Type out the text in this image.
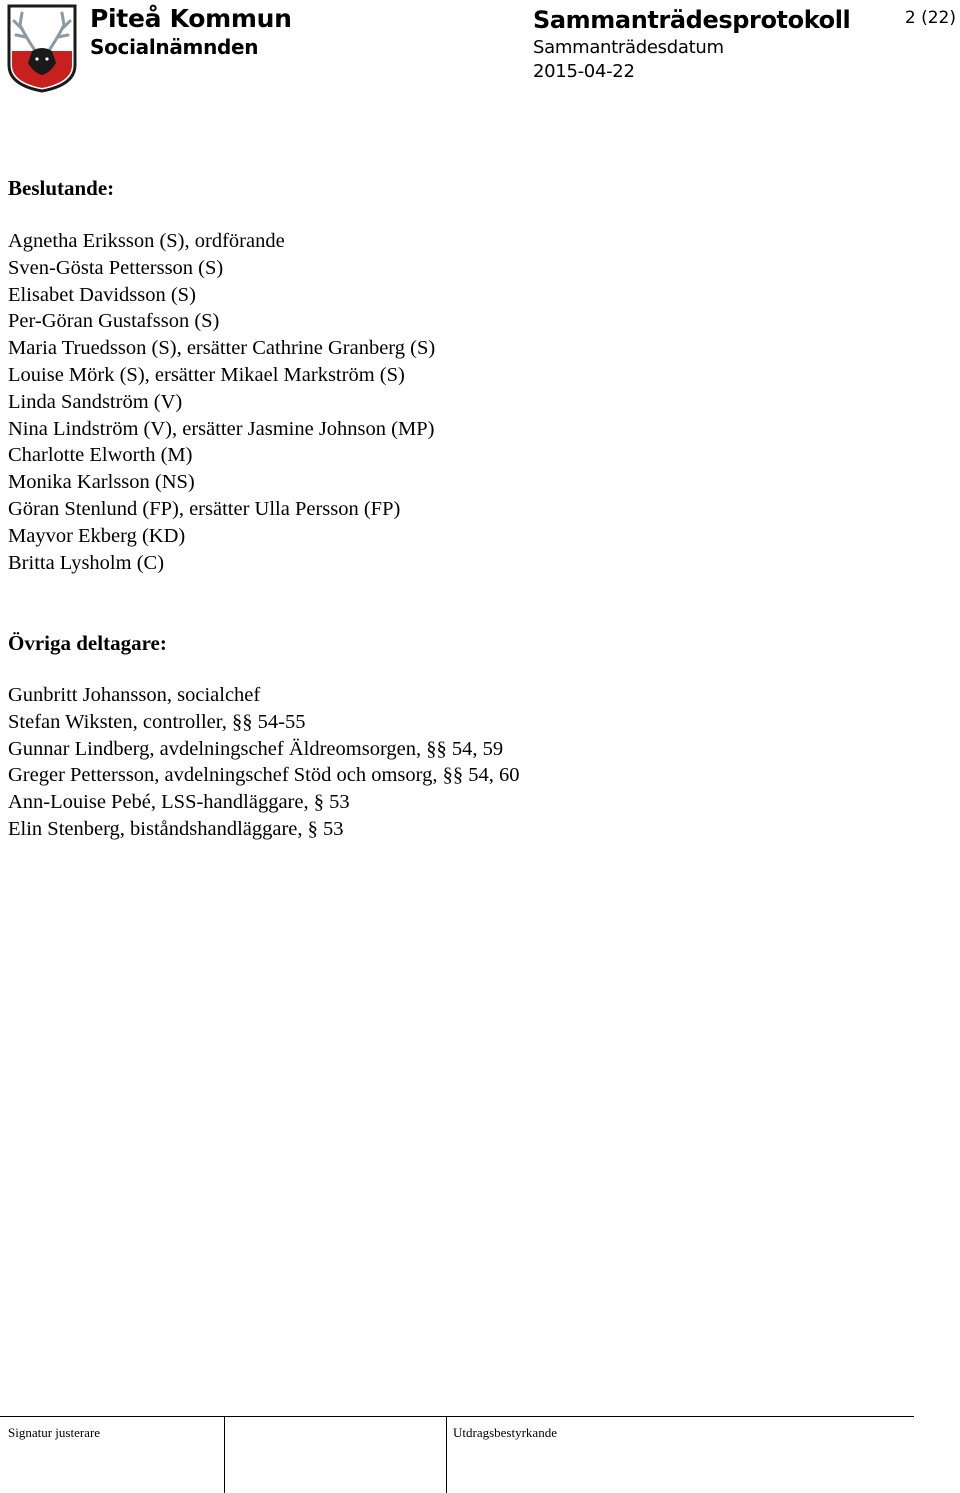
Piteå Kommun
Socialnämnden
Sammanträdesprotokoll
Sammanträdesdatum
2015-04-22
2 (22)
Beslutande:
Agnetha Eriksson (S), ordförande
Sven-Gösta Pettersson (S)
Elisabet Davidsson (S)
Per-Göran Gustafsson (S)
Maria Truedsson (S), ersätter Cathrine Granberg (S)
Louise Mörk (S), ersätter Mikael Markström (S)
Linda Sandström (V)
Nina Lindström (V), ersätter Jasmine Johnson (MP)
Charlotte Elworth (M)
Monika Karlsson (NS)
Göran Stenlund (FP), ersätter Ulla Persson (FP)
Mayvor Ekberg (KD)
Britta Lysholm (C)
Övriga deltagare:
Gunbritt Johansson, socialchef
Stefan Wiksten, controller, §§ 54-55
Gunnar Lindberg, avdelningschef Äldreomsorgen, §§ 54, 59
Greger Pettersson, avdelningschef Stöd och omsorg, §§ 54, 60
Ann-Louise Pebé, LSS-handläggare, § 53
Elin Stenberg, biståndshandläggare, § 53
Signatur justerare	Utdragsbestyrkande
